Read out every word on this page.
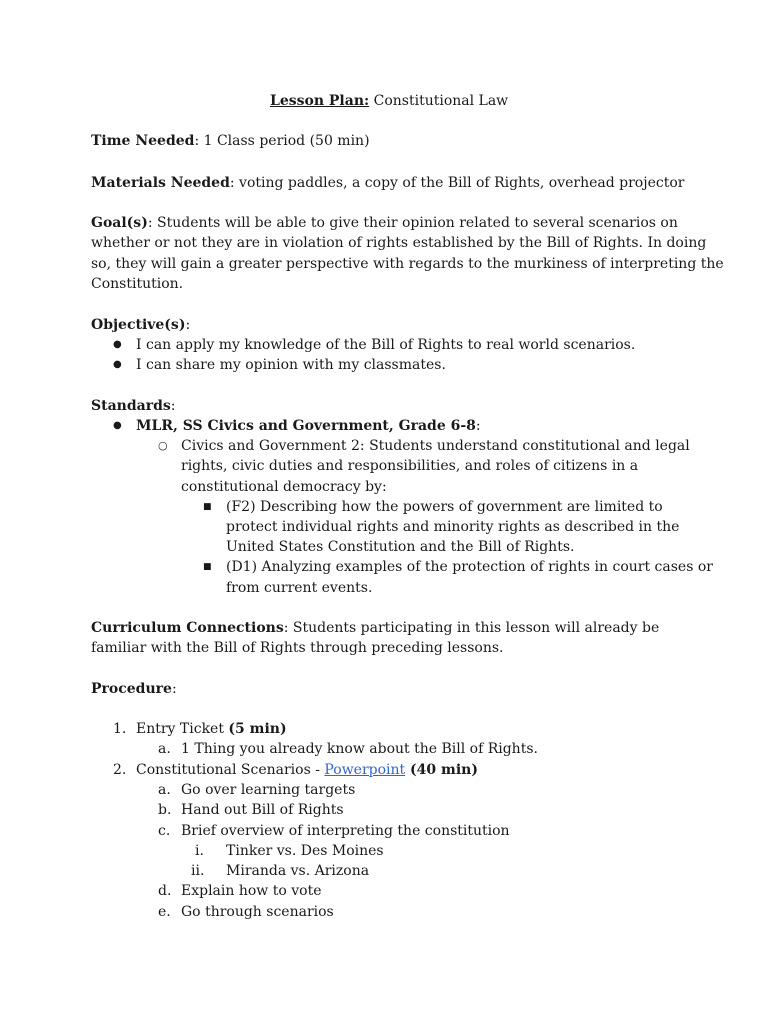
Lesson Plan: Constitutional Law
Time Needed: 1 Class period (50 min)
Materials Needed: voting paddles, a copy of the Bill of Rights, overhead projector
Goal(s): Students will be able to give their opinion related to several scenarios on
whether or not they are in violation of rights established by the Bill of Rights. In doing
so, they will gain a greater perspective with regards to the murkiness of interpreting the
Constitution.
Objective(s):
● I can apply my knowledge of the Bill of Rights to real world scenarios.
● I can share my opinion with my classmates.
Standards:
● MLR, SS Civics and Government, Grade 6-8:
○ Civics and Government 2: Students understand constitutional and legal
rights, civic duties and responsibilities, and roles of citizens in a
constitutional democracy by:
■ (F2) Describing how the powers of government are limited to
protect individual rights and minority rights as described in the
United States Constitution and the Bill of Rights.
■ (D1) Analyzing examples of the protection of rights in court cases or
from current events.
Curriculum Connections: Students participating in this lesson will already be
familiar with the Bill of Rights through preceding lessons.
Procedure:
1. Entry Ticket (5 min)
a. 1 Thing you already know about the Bill of Rights.
2. Constitutional Scenarios - Powerpoint (40 min)
a. Go over learning targets
b. Hand out Bill of Rights
c. Brief overview of interpreting the constitution
i. Tinker vs. Des Moines
ii. Miranda vs. Arizona
d. Explain how to vote
e. Go through scenarios
